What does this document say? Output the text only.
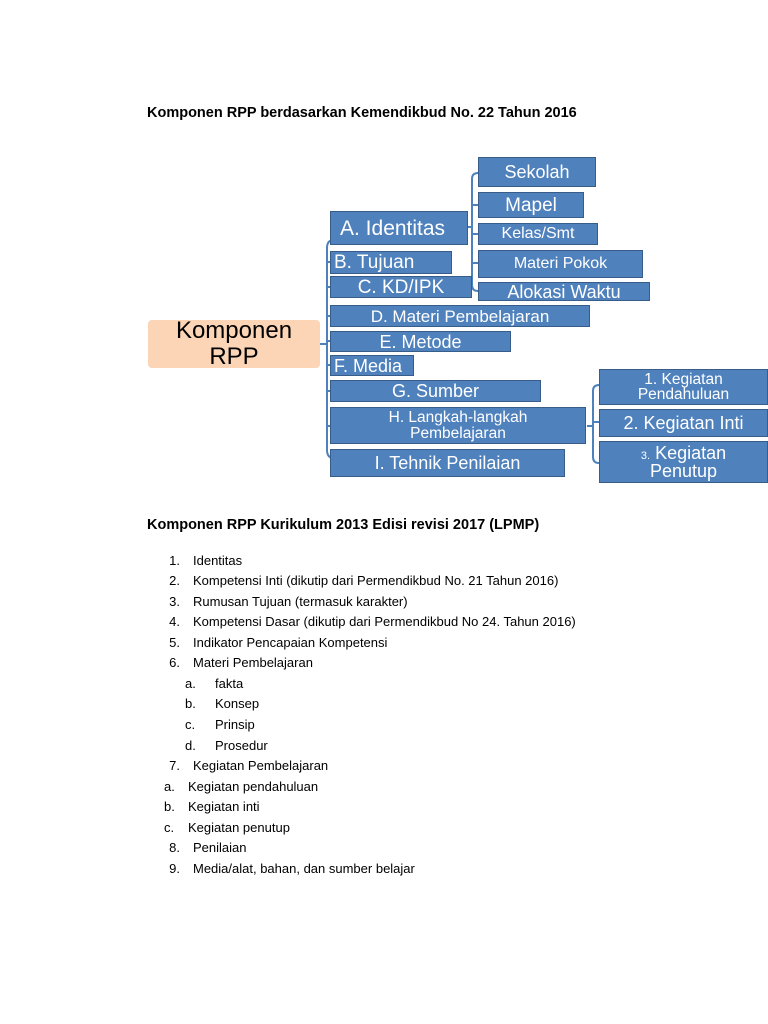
Komponen RPP berdasarkan Kemendikbud No. 22 Tahun 2016
Komponen
RPP
A. Identitas
B. Tujuan
C. KD/IPK
D. Materi Pembelajaran
E. Metode
F. Media
G. Sumber
H. Langkah-langkah
Pembelajaran
I. Tehnik Penilaian
Sekolah
Mapel
Kelas/Smt
Materi Pokok
Alokasi Waktu
1. Kegiatan
Pendahuluan
2. Kegiatan Inti
3. Kegiatan
Penutup
Komponen RPP Kurikulum 2013 Edisi revisi 2017 (LPMP)
1. Identitas
2. Kompetensi Inti (dikutip dari Permendikbud No. 21 Tahun 2016)
3. Rumusan Tujuan (termasuk karakter)
4. Kompetensi Dasar (dikutip dari Permendikbud No 24. Tahun 2016)
5. Indikator Pencapaian Kompetensi
6. Materi Pembelajaran
a.	fakta
b.	Konsep
c.	Prinsip
d.	Prosedur
7. Kegiatan Pembelajaran
a.	Kegiatan pendahuluan
b.	Kegiatan inti
c.	Kegiatan penutup
8. Penilaian
9. Media/alat, bahan, dan sumber belajar
